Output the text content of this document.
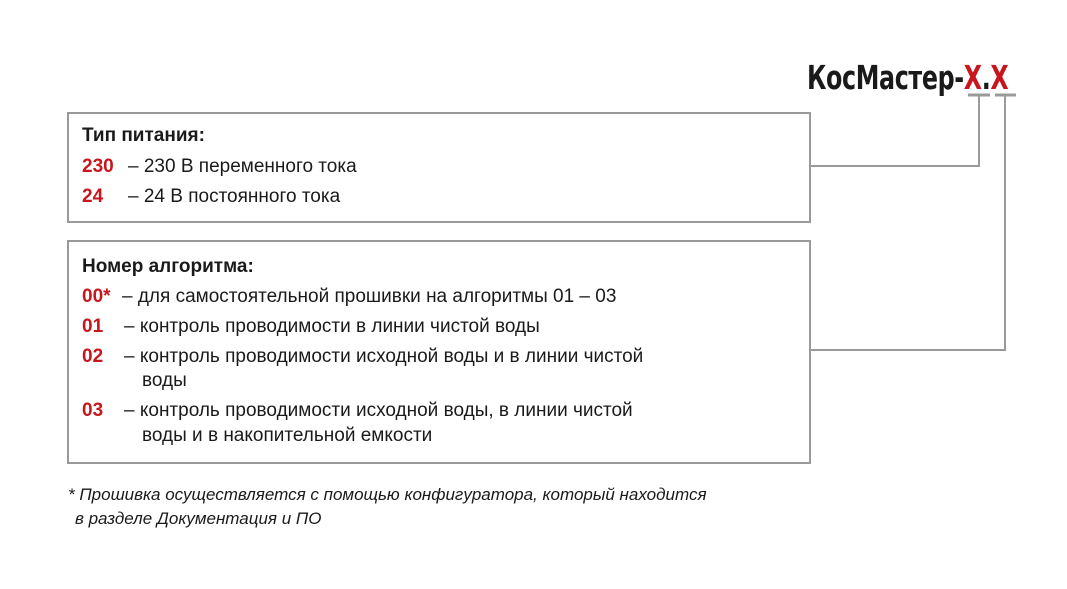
КосМастер-X.X
Тип питания:
230 – 230 В переменного тока
24 – 24 В постоянного тока
Номер алгоритма:
00* – для самостоятельной прошивки на алгоритмы 01 – 03
01 – контроль проводимости в линии чистой воды
02 – контроль проводимости исходной воды и в линии чистой
воды
03 – контроль проводимости исходной воды, в линии чистой
воды и в накопительной емкости
* Прошивка осуществляется с помощью конфигуратора, который находится
в разделе Документация и ПО
